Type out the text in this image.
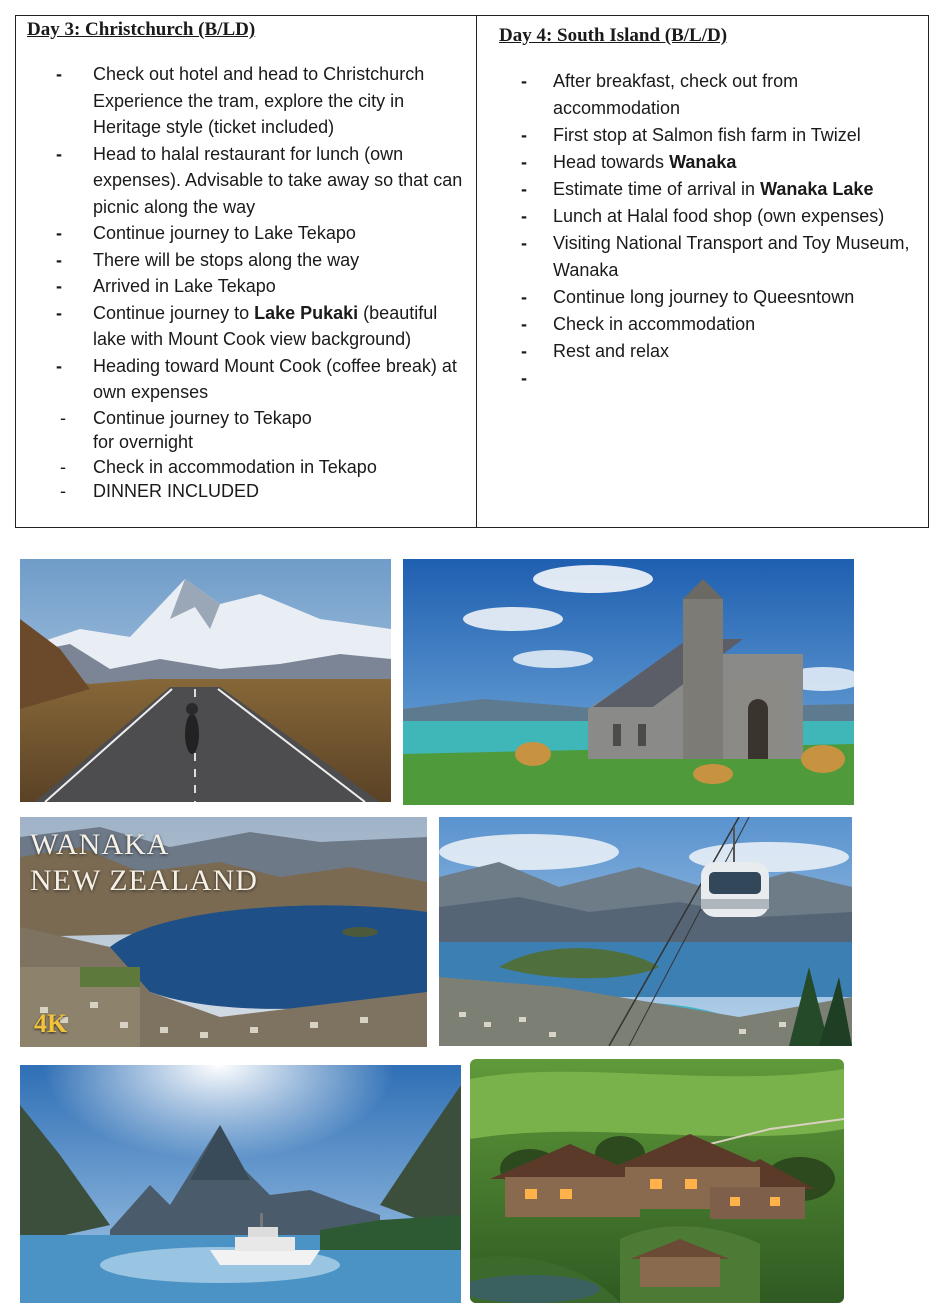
Day 3: Christchurch (B/LD)
- Check out hotel and head to Christchurch Experience the tram, explore the city in Heritage style (ticket included)
- Head to halal restaurant for lunch (own expenses). Advisable to take away so that can picnic along the way
- Continue journey to Lake Tekapo
- There will be stops along the way
- Arrived in Lake Tekapo
- Continue journey to Lake Pukaki (beautiful lake with Mount Cook view background)
- Heading toward Mount Cook (coffee break) at own expenses
- Continue journey to Tekapo
for overnight
- Check in accommodation in Tekapo
- DINNER INCLUDED
Day 4: South Island (B/L/D)
- After breakfast, check out from accommodation
- First stop at Salmon fish farm in Twizel
- Head towards Wanaka
- Estimate time of arrival in Wanaka Lake
- Lunch at Halal food shop (own expenses)
- Visiting National Transport and Toy Museum, Wanaka
- Continue long journey to Queesntown
- Check in accommodation
- Rest and relax
-
WANAKA
NEW ZEALAND
4K
